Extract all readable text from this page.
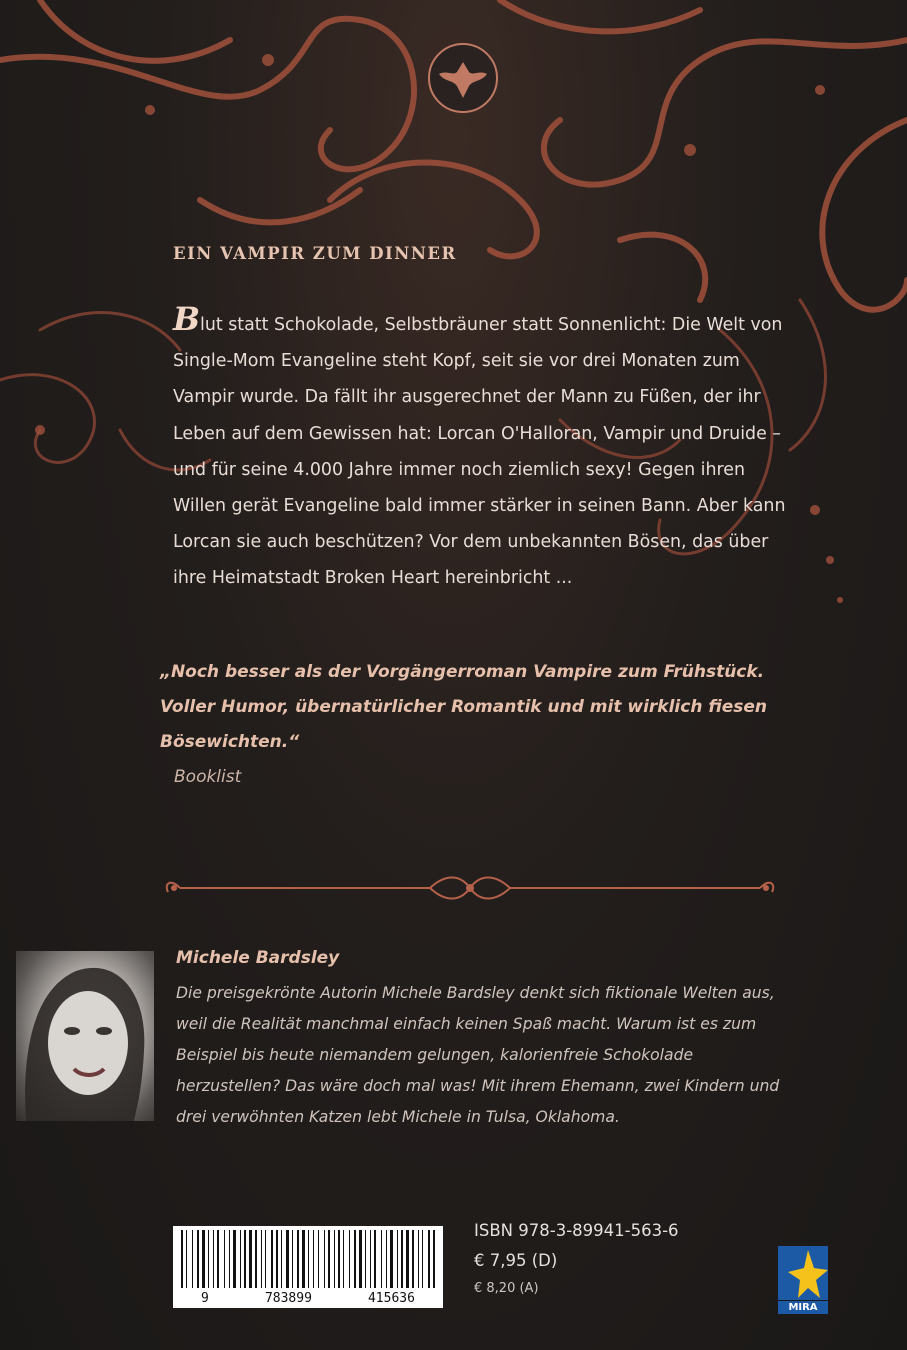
EIN VAMPIR ZUM DINNER
Blut statt Schokolade, Selbstbräuner statt Sonnenlicht: Die Welt von Single-Mom Evangeline steht Kopf, seit sie vor drei Monaten zum Vampir wurde. Da fällt ihr ausgerechnet der Mann zu Füßen, der ihr Leben auf dem Gewissen hat: Lorcan O'Halloran, Vampir und Druide – und für seine 4.000 Jahre immer noch ziemlich sexy! Gegen ihren Willen gerät Evangeline bald immer stärker in seinen Bann. Aber kann Lorcan sie auch beschützen? Vor dem unbekannten Bösen, das über ihre Heimatstadt Broken Heart hereinbricht ...
„Noch besser als der Vorgängerroman Vampire zum Frühstück. Voller Humor, übernatürlicher Romantik und mit wirklich fiesen Bösewichten.“
Booklist
Michele Bardsley
Die preisgekrönte Autorin Michele Bardsley denkt sich fiktionale Welten aus, weil die Realität manchmal einfach keinen Spaß macht. Warum ist es zum Beispiel bis heute niemandem gelungen, kalorienfreie Schokolade herzustellen? Das wäre doch mal was! Mit ihrem Ehemann, zwei Kindern und drei verwöhnten Katzen lebt Michele in Tulsa, Oklahoma.
9	783899	415636
ISBN 978-3-89941-563-6
€ 7,95 (D)
€ 8,20 (A)
MIRA
